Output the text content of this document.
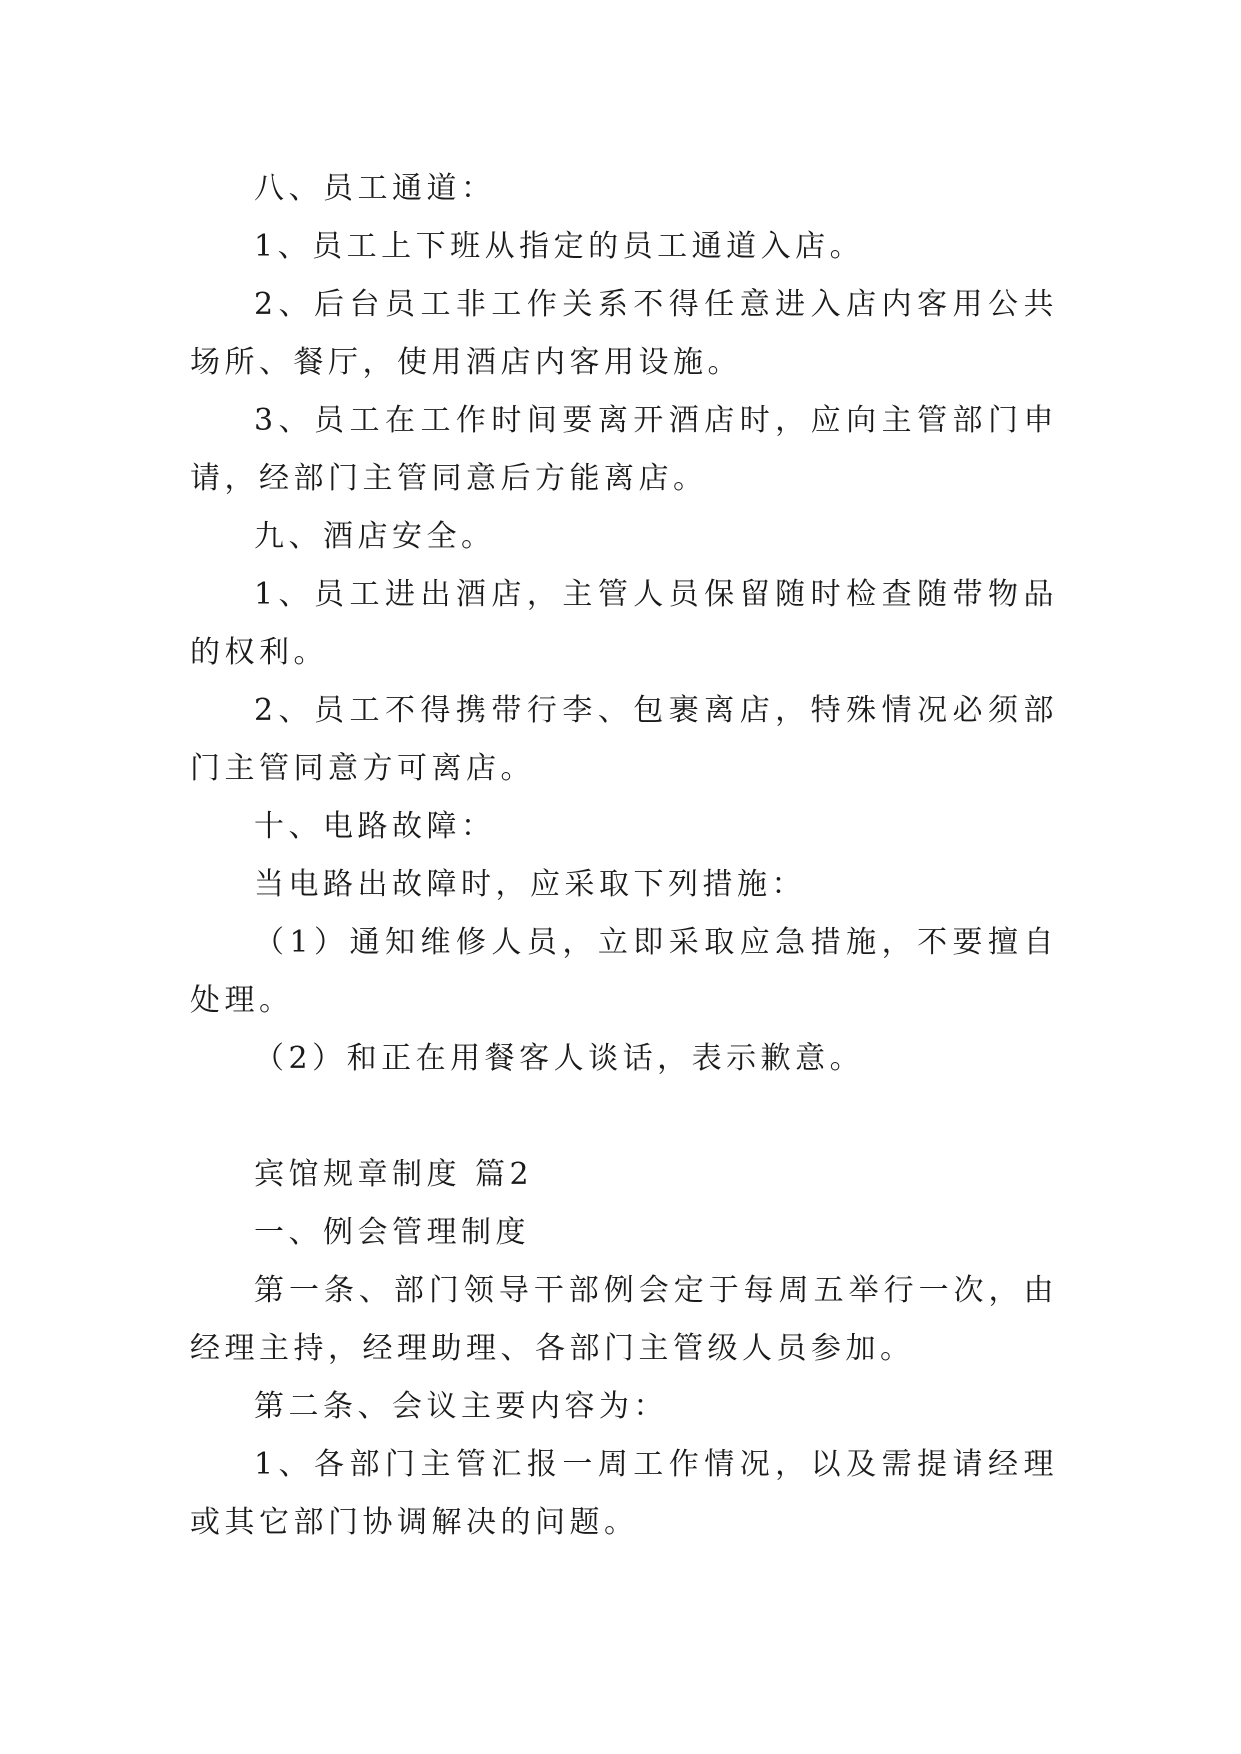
八、员工通道：

1、员工上下班从指定的员工通道入店。

2、后台员工非工作关系不得任意进入店内客用公共场所、餐厅，使用酒店内客用设施。

3、员工在工作时间要离开酒店时，应向主管部门申请，经部门主管同意后方能离店。

九、酒店安全。

1、员工进出酒店，主管人员保留随时检查随带物品的权利。

2、员工不得携带行李、包裹离店，特殊情况必须部门主管同意方可离店。

十、电路故障：

当电路出故障时，应采取下列措施：

（1）通知维修人员，立即采取应急措施，不要擅自处理。

（2）和正在用餐客人谈话，表示歉意。

宾馆规章制度 篇2

一、例会管理制度

第一条、部门领导干部例会定于每周五举行一次，由经理主持，经理助理、各部门主管级人员参加。

第二条、会议主要内容为：

1、各部门主管汇报一周工作情况，以及需提请经理或其它部门协调解决的问题。
